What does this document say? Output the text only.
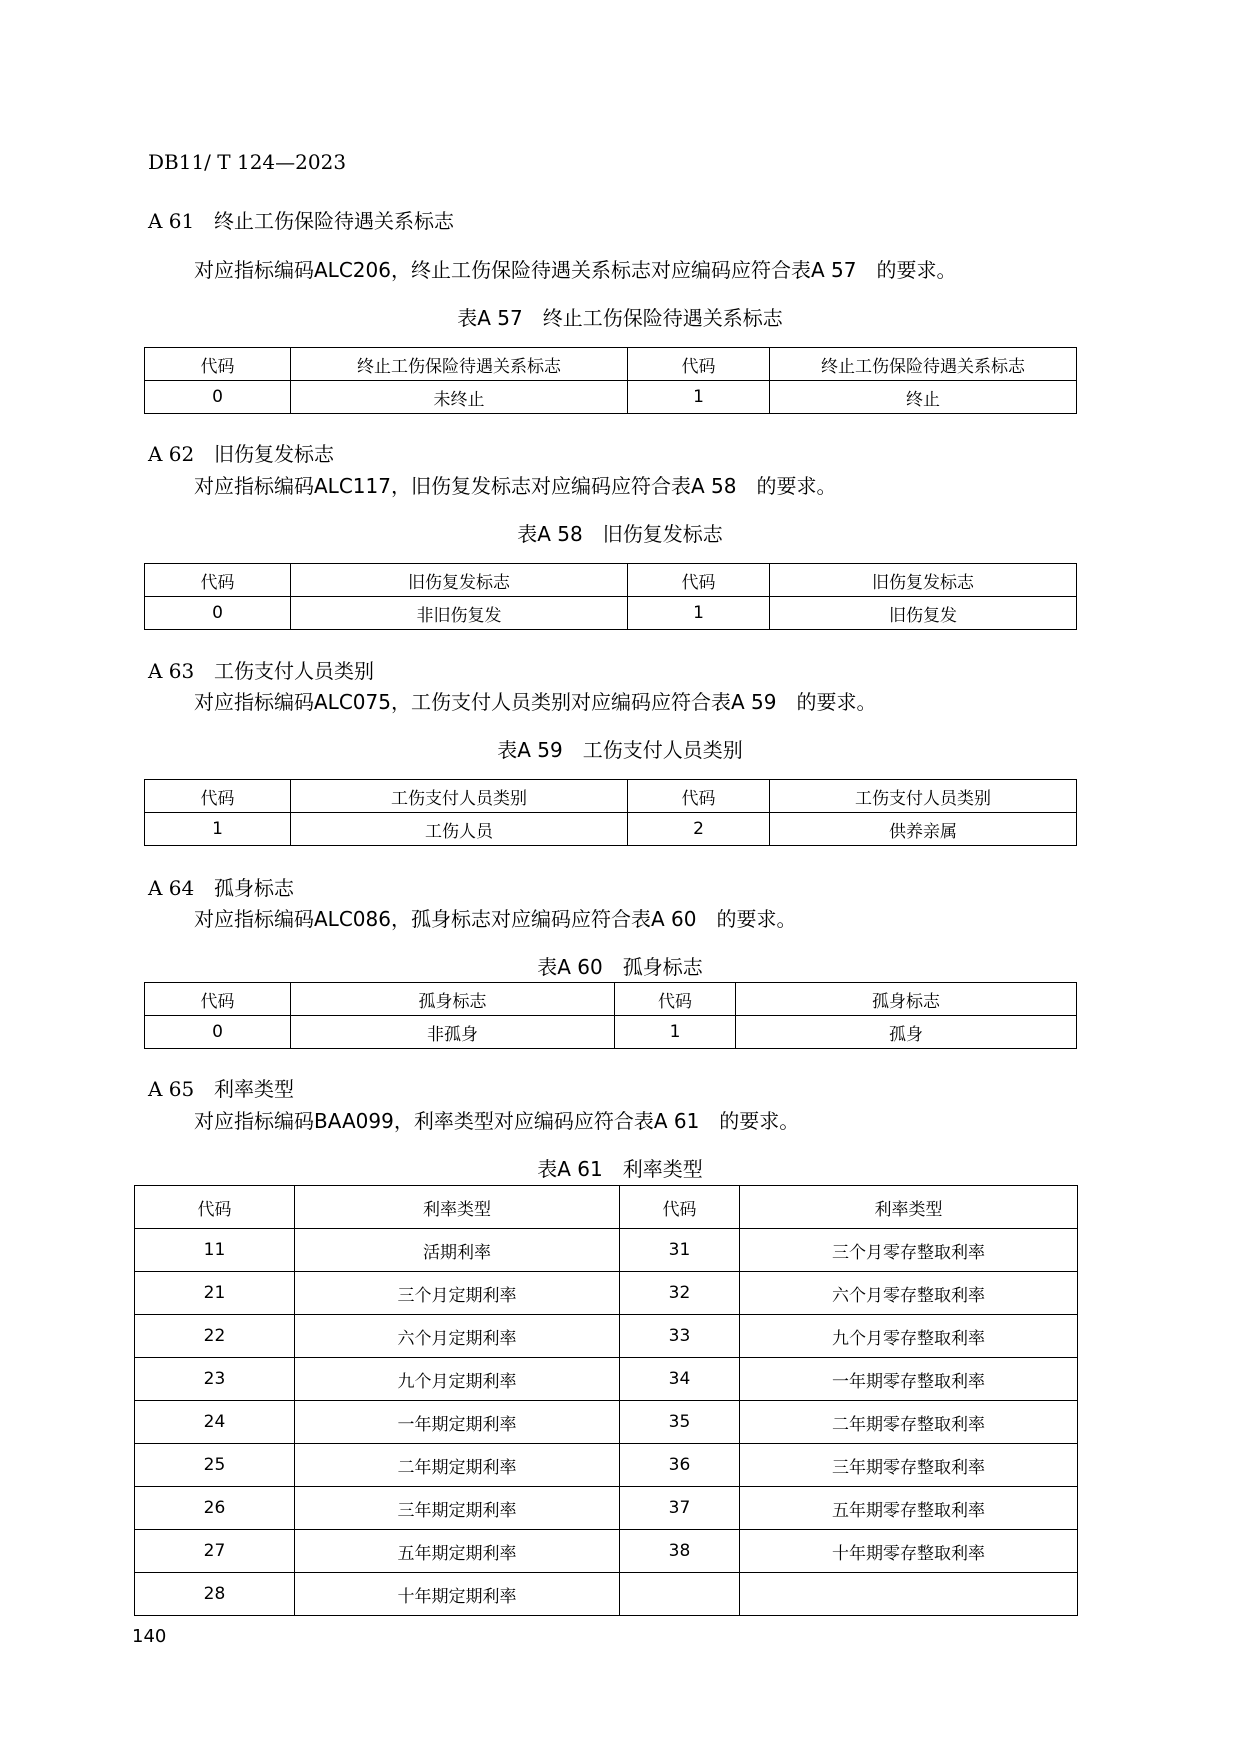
DB11/ T 124—2023
A 61 终止工伤保险待遇关系标志
对应指标编码ALC206，终止工伤保险待遇关系标志对应编码应符合表A 57　的要求。
表A 57　终止工伤保险待遇关系标志
代码	终止工伤保险待遇关系标志	代码	终止工伤保险待遇关系标志
0	未终止	1	终止
A 62 旧伤复发标志
对应指标编码ALC117，旧伤复发标志对应编码应符合表A 58　的要求。
表A 58　旧伤复发标志
代码	旧伤复发标志	代码	旧伤复发标志
0	非旧伤复发	1	旧伤复发
A 63 工伤支付人员类别
对应指标编码ALC075，工伤支付人员类别对应编码应符合表A 59　的要求。
表A 59　工伤支付人员类别
代码	工伤支付人员类别	代码	工伤支付人员类别
1	工伤人员	2	供养亲属
A 64 孤身标志
对应指标编码ALC086，孤身标志对应编码应符合表A 60　的要求。
表A 60　孤身标志
代码	孤身标志	代码	孤身标志
0	非孤身	1	孤身
A 65 利率类型
对应指标编码BAA099，利率类型对应编码应符合表A 61　的要求。
表A 61　利率类型
代码	利率类型	代码	利率类型
11	活期利率	31	三个月零存整取利率
21	三个月定期利率	32	六个月零存整取利率
22	六个月定期利率	33	九个月零存整取利率
23	九个月定期利率	34	一年期零存整取利率
24	一年期定期利率	35	二年期零存整取利率
25	二年期定期利率	36	三年期零存整取利率
26	三年期定期利率	37	五年期零存整取利率
27	五年期定期利率	38	十年期零存整取利率
28	十年期定期利率		
140
